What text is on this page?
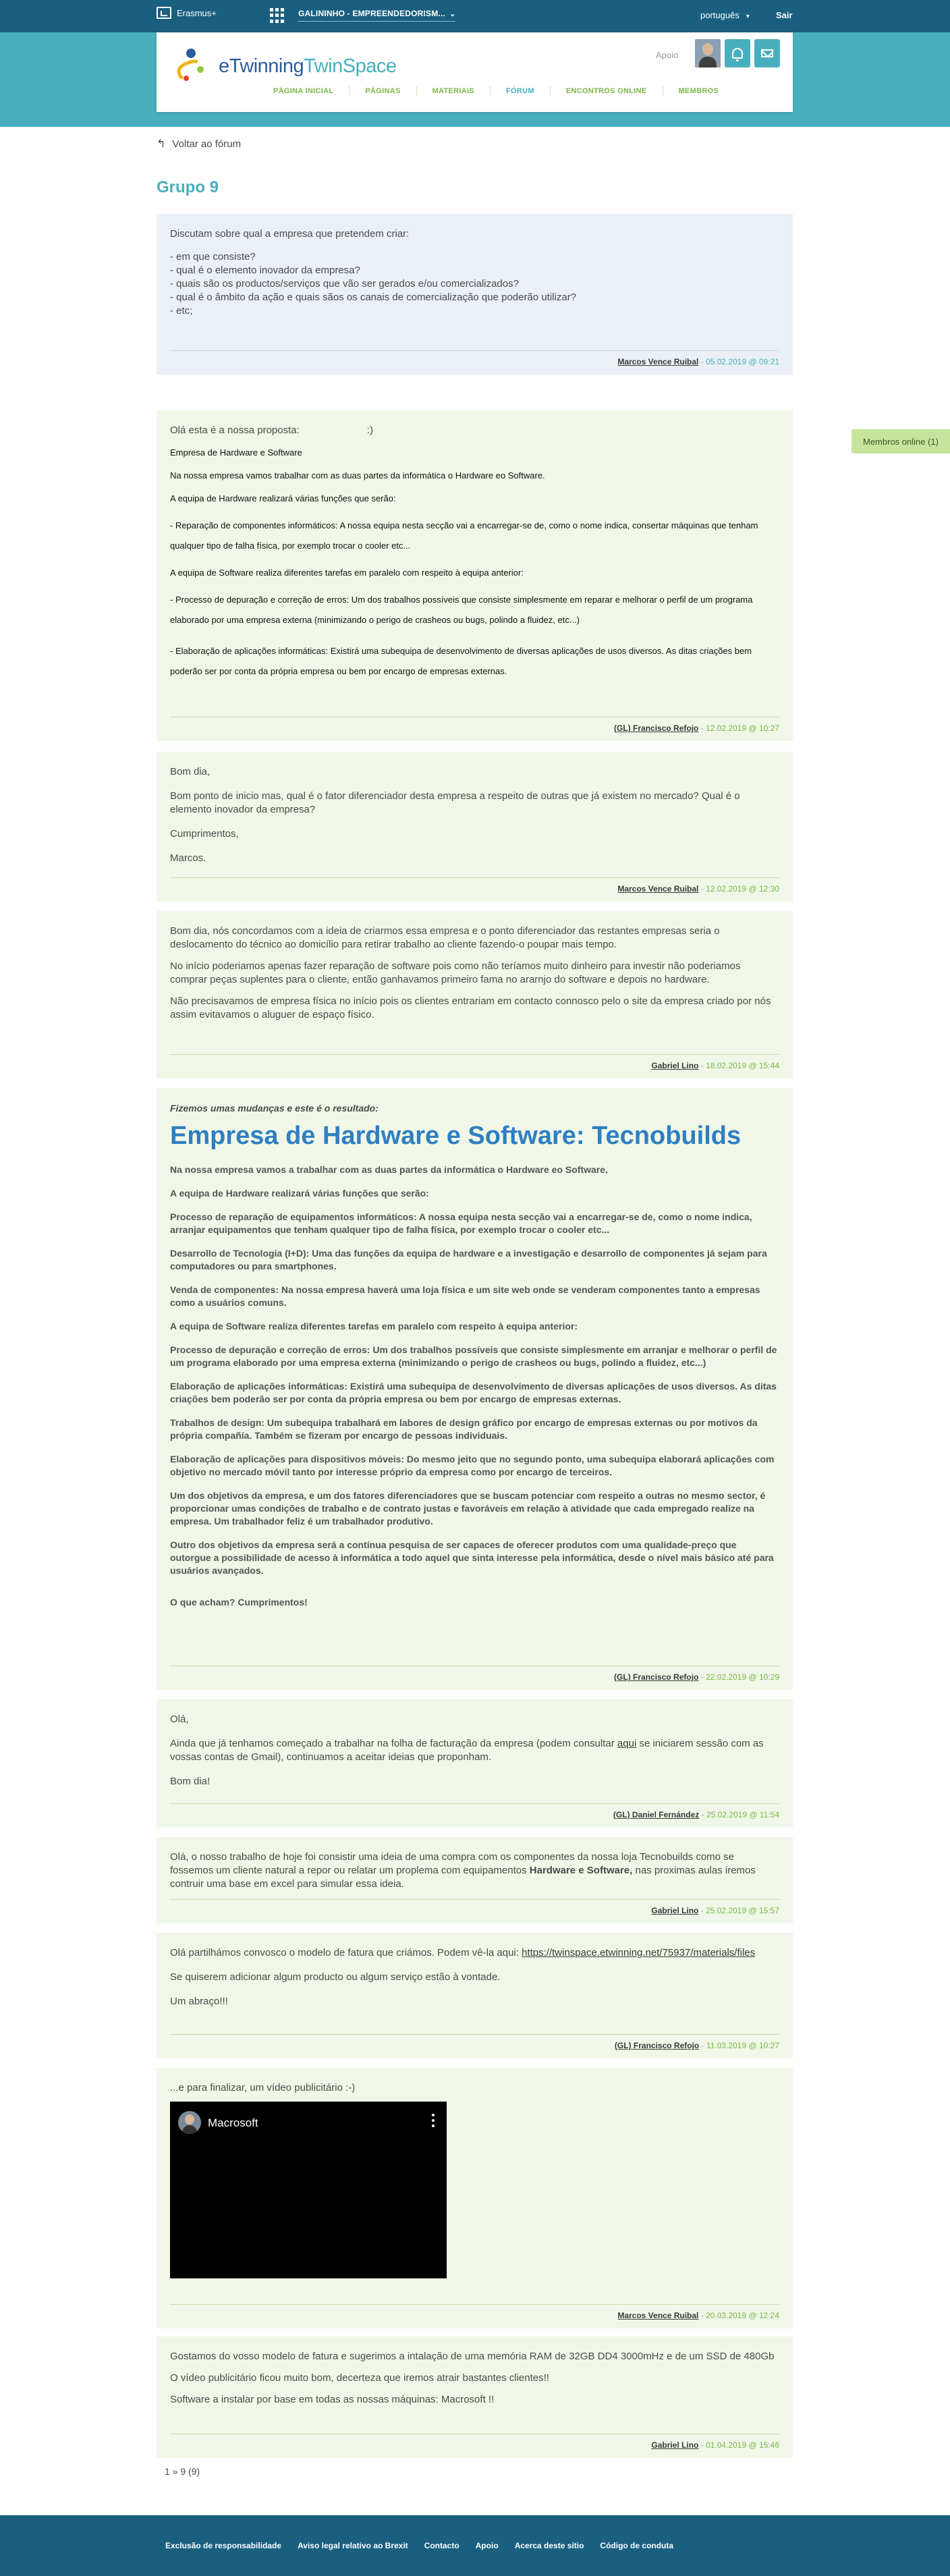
Erasmus+	GALININHO - EMPREENDEDORISM... ⌄	português ▾	Sair
eTwinningTwinSpace	Apoio
PÁGINA INICIAL	PÁGINAS	MATERIAIS	FÓRUM	ENCONTROS ONLINE	MEMBROS
↰ Voltar ao fórum
Grupo 9
Membros online (1)

Discutam sobre qual a empresa que pretendem criar:

- em que consiste?
- qual é o elemento inovador da empresa?
- quais são os productos/serviços que vão ser gerados e/ou comercializados?
- qual é o âmbito da ação e quais sãos os canais de comercialização que poderão utilizar?
- etc;
Marcos Vence Ruibal - 05.02.2019 @ 09:21

Olá esta é a nossa proposta:                        :)

Empresa de Hardware e Software

Na nossa empresa vamos trabalhar com as duas partes da informática o Hardware eo Software.

A equipa de Hardware realizará várias funções que serão:

- Reparação de componentes informáticos: A nossa equipa nesta secção vai a encarregar-se de, como o nome indica, consertar máquinas que tenham qualquer tipo de falha física, por exemplo trocar o cooler etc...

A equipa de Software realiza diferentes tarefas em paralelo com respeito à equipa anterior:

- Processo de depuração e correção de erros: Um dos trabalhos possíveis que consiste simplesmente em reparar e melhorar o perfil de um programa elaborado por uma empresa externa (minimizando o perigo de crasheos ou bugs, polindo a fluidez, etc...)

- Elaboração de aplicações informáticas: Existirá uma subequipa de desenvolvimento de diversas aplicações de usos diversos. As ditas criações bem poderão ser por conta da própria empresa ou bem por encargo de empresas externas.

(GL) Francisco Refojo - 12.02.2019 @ 10:27

Bom dia,

Bom ponto de inicio mas, qual é o fator diferenciador desta empresa a respeito de outras que já existem no mercado? Qual é o elemento inovador da empresa?

Cumprimentos,

Marcos.

Marcos Vence Ruibal - 12.02.2019 @ 12:30

Bom dia, nós concordamos com a ideia de criarmos essa empresa e o ponto diferenciador das restantes empresas seria o deslocamento do técnico ao domicílio para retirar trabalho ao cliente fazendo-o poupar mais tempo.

No início poderiamos apenas fazer reparação de software pois como não teríamos muito dinheiro para investir não poderiamos comprar peças suplentes para o cliente, então ganhavamos primeiro fama no ararnjo do software e depois no hardware.

Não precisavamos de empresa física no início pois os clientes entrariam em contacto connosco pelo o site da empresa criado por nós assim evitavamos o aluguer de espaço físico.

Gabriel Lino - 18.02.2019 @ 15:44

Fizemos umas mudanças e este é o resultado:

Empresa de Hardware e Software: Tecnobuilds

Na nossa empresa vamos a trabalhar com as duas partes da informática o Hardware eo Software.

A equipa de Hardware realizará várias funções que serão:

Processo de reparação de equipamentos informáticos: A nossa equipa nesta secção vai a encarregar-se de, como o nome indica, arranjar equipamentos que tenham qualquer tipo de falha física, por exemplo trocar o cooler etc...

Desarrollo de Tecnologia (I+D): Uma das funções da equipa de hardware e a investigação e desarrollo de componentes já sejam para computadores ou para smartphones.

Venda de componentes: Na nossa empresa haverá uma loja física e um site web onde se venderam componentes tanto a empresas como a usuários comuns.

A equipa de Software realiza diferentes tarefas em paralelo com respeito à equipa anterior:

Processo de depuração e correção de erros: Um dos trabalhos possíveis que consiste simplesmente em arranjar e melhorar o perfil de um programa elaborado por uma empresa externa (minimizando o perigo de crasheos ou bugs, polindo a fluidez, etc...)

Elaboração de aplicações informáticas: Existirá uma subequipa de desenvolvimento de diversas aplicações de usos diversos. As ditas criações bem poderão ser por conta da própria empresa ou bem por encargo de empresas externas.

Trabalhos de design: Um subequipa trabalhará em labores de design gráfico por encargo de empresas externas ou por motivos da própria compañía. Também se fizeram por encargo de pessoas individuais.

Elaboração de aplicações para dispositivos móveis: Do mesmo jeito que no segundo ponto, uma subequipa elaborará aplicações com objetivo no mercado móvil tanto por interesse próprio da empresa como por encargo de terceiros.

Um dos objetivos da empresa, e um dos fatores diferenciadores que se buscam potenciar com respeito a outras no mesmo sector, é proporcionar umas condições de trabalho e de contrato justas e favoráveis em relação à atividade que cada empregado realize na empresa. Um trabalhador feliz é um trabalhador produtivo.

Outro dos objetivos da empresa será a contínua pesquisa de ser capaces de oferecer produtos com uma qualidade-preço que outorgue a possibilidade de acesso à informática a todo aquel que sinta interesse pela informática, desde o nível mais básico até para usuários avançados.

O que acham? Cumprimentos!

(GL) Francisco Refojo - 22.02.2019 @ 10:29

Olá,

Ainda que já tenhamos começado a trabalhar na folha de facturação da empresa (podem consultar aqui se iniciarem sessão com as vossas contas de Gmail), continuamos a aceitar ideias que proponham.

Bom dia!

(GL) Daniel Fernández - 25.02.2019 @ 11:54

Olá, o nosso trabalho de hoje foi consistir uma ideia de uma compra com os componentes da nossa loja Tecnobuilds como se fossemos um cliente natural a repor ou relatar um proplema com equipamentos Hardware e Software, nas proximas aulas iremos contruir uma base em excel para simular essa ideia.

Gabriel Lino - 25.02.2019 @ 15:57

Olá partilhámos convosco o modelo de fatura que criámos. Podem vê-la aqui: https://twinspace.etwinning.net/75937/materials/files

Se quiserem adicionar algum producto ou algum serviço estão à vontade.

Um abraço!!!

(GL) Francisco Refojo - 11.03.2019 @ 10:27

...e para finalizar, um vídeo publicitário :-)

Macrosoft
Marcos Vence Ruibal - 20.03.2019 @ 12:24

Gostamos do vosso modelo de fatura e sugerimos a intalação de uma memória RAM de 32GB DD4 3000mHz e de um SSD de 480Gb

O vídeo publicitário ficou muito bom, decerteza que iremos atrair bastantes clientes!!

Software a instalar por base em todas as nossas máquinas: Macrosoft !!

Gabriel Lino - 01.04.2019 @ 15:46
1 » 9 (9)
Exclusão de responsabilidade Aviso legal relativo ao Brexit Contacto Apoio Acerca deste sítio Código de conduta
